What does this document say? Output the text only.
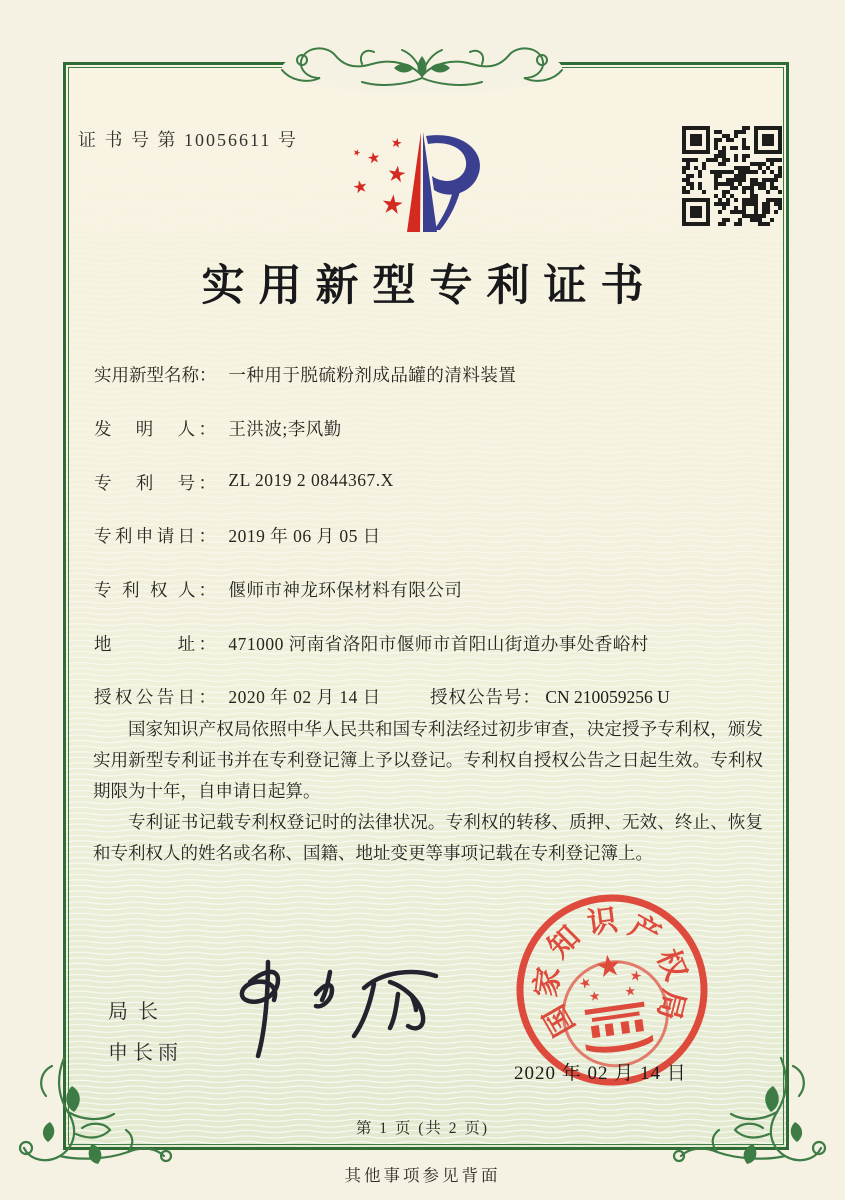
证 书 号 第 10056611 号	★
★
★
★
★
★
实用新型专利证书
实用新型名称： 一种用于脱硫粉剂成品罐的清料装置
发　明　人： 王洪波;李风勤
专　利　号： ZL 2019 2 0844367.X
专利申请日： 2019 年 06 月 05 日
专 利 权 人： 偃师市神龙环保材料有限公司
地　　　址： 471000 河南省洛阳市偃师市首阳山街道办事处香峪村
授权公告日： 2020 年 02 月 14 日	授权公告号： CN 210059256 U

国家知识产权局依照中华人民共和国专利法经过初步审查，决定授予专利权，颁发实用新型专利证书并在专利登记簿上予以登记。专利权自授权公告之日起生效。专利权期限为十年，自申请日起算。

专利证书记载专利权登记时的法律状况。专利权的转移、质押、无效、终止、恢复和专利权人的姓名或名称、国籍、地址变更等事项记载在专利登记簿上。

局长
申长雨
国
家
知
识 产
权
局
★
★ ★
★ ★
2020 年 02 月 14 日
第 1 页 (共 2 页)
其他事项参见背面
